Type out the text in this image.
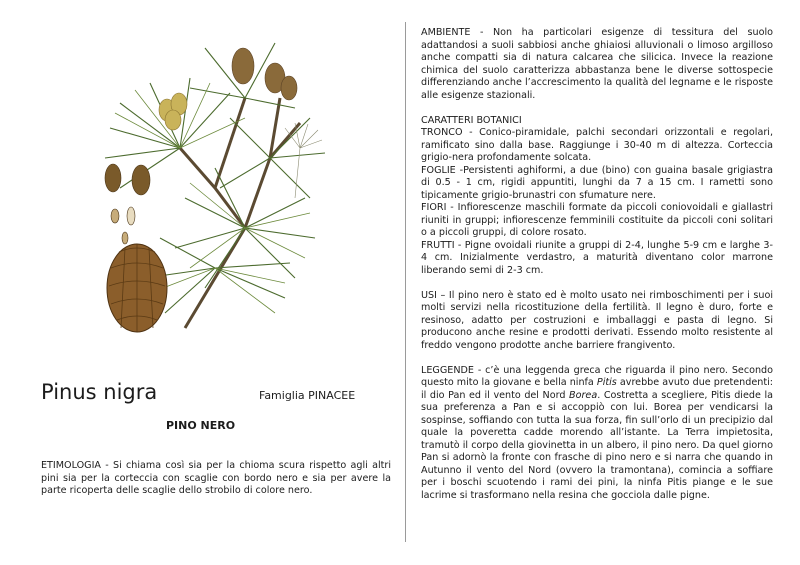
Pinus nigra	Famiglia PINACEE
PINO NERO
ETIMOLOGIA - Si chiama così sia per la chioma scura rispetto agli altri pini sia per la corteccia con scaglie con bordo nero e sia per avere la parte ricoperta delle scaglie dello strobilo di colore nero.

AMBIENTE - Non ha particolari esigenze di tessitura del suolo adattandosi a suoli sabbiosi anche ghiaiosi alluvionali o limoso argilloso anche compatti sia di natura calcarea che silicica. Invece la reazione chimica del suolo caratterizza abbastanza bene le diverse sottospecie differenziando anche l’accrescimento la qualità del legname e le risposte alle esigenze stazionali.

CARATTERI BOTANICI

TRONCO - Conico-piramidale, palchi secondari orizzontali e regolari, ramificato sino dalla base. Raggiunge i 30-40 m di altezza. Corteccia grigio-nera profondamente solcata.

FOGLIE -Persistenti aghiformi, a due (bino) con guaina basale grigiastra di 0.5 - 1 cm, rigidi appuntiti, lunghi da 7 a 15 cm. I rametti sono tipicamente grigio-brunastri con sfumature nere.

FIORI - Infiorescenze maschili formate da piccoli coniovoidali e giallastri riuniti in gruppi; infiorescenze femminili costituite da piccoli coni solitari o a piccoli gruppi, di colore rosato.

FRUTTI - Pigne ovoidali riunite a gruppi di 2-4, lunghe 5-9 cm e larghe 3-4 cm. Inizialmente verdastro, a maturità diventano color marrone liberando semi di 2-3 cm.

USI – Il pino nero è stato ed è molto usato nei rimboschimenti per i suoi molti servizi nella ricostituzione della fertilità. Il legno è duro, forte e resinoso, adatto per costruzioni e imballaggi e pasta di legno. Si producono anche resine e prodotti derivati. Essendo molto resistente al freddo vengono prodotte anche barriere frangivento.

LEGGENDE - c’è una leggenda greca che riguarda il pino nero. Secondo questo mito la giovane e bella ninfa Pitis avrebbe avuto due pretendenti: il dio Pan ed il vento del Nord Borea. Costretta a scegliere, Pitis diede la sua preferenza a Pan e si accoppiò con lui. Borea per vendicarsi la sospinse, soffiando con tutta la sua forza, fin sull’orlo di un precipizio dal quale la poveretta cadde morendo all’istante. La Terra impietosita, tramutò il corpo della giovinetta in un albero, il pino nero. Da quel giorno Pan si adornò la fronte con frasche di pino nero e si narra che quando in Autunno il vento del Nord (ovvero la tramontana), comincia a soffiare per i boschi scuotendo i rami dei pini, la ninfa Pitis piange e le sue lacrime si trasformano nella resina che gocciola dalle pigne.
